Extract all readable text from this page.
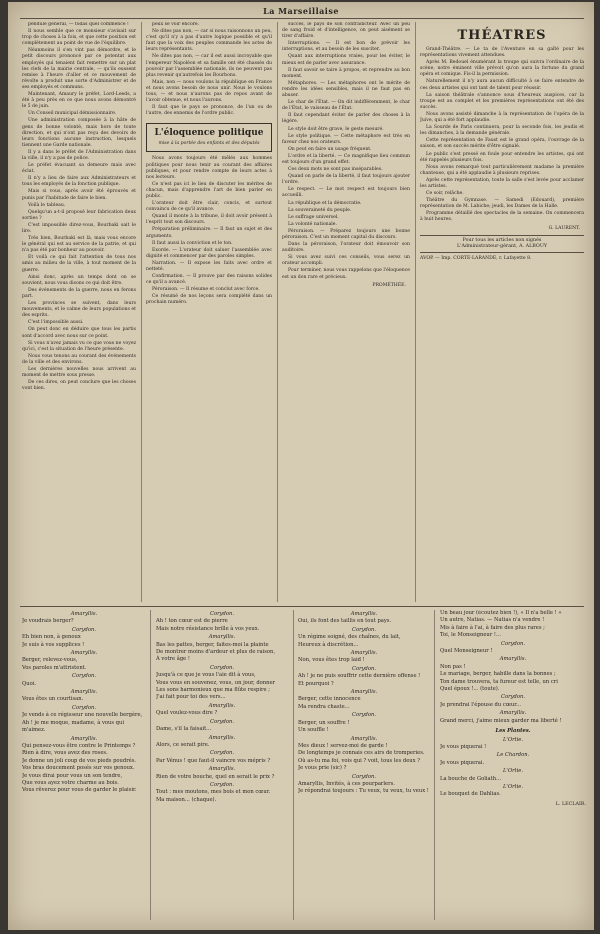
La Marseillaise

pendule général, — todas quel commencé !

Il nous semble que ce monsieur s'avisait sur trop de choses à la fois, et que cette position est complètement au point de vue de l'équilibre.

Néanmoins il s'en vint pas démordre, et le petit discours prononcé par ce potentat aux employés qui tenaient fait remettre sur un plat les clefs de la mairie centrale, — qu'ils eussent remise à l'heure d'aller et ce mouvement de révolte a produit une sorte d'Administrer et de ses employés et communs.

Maintenant, Amaury le préfet, Lord-Leeds, a été à peu près en ce que nous avons démontré le 5 de juin.

Un Conseil municipal démissionnaire.

Une administration composée à la hâte de gens de bonne volonté, mais hors de toute direction, et qui n'ont pas reçu des devoirs de leurs fonctions aucune instruction, lesquels tiennent une Garde nationale.

Il y a dans le préfet de l'Administration dans la ville, il n'y a pas de police.

Le préfet évacuant sa demeure mais avec éclat.

Il n'y a lieu de faire aux Administrateurs et tous les employés de la fonction publique.

Mais si vous, après avoir été éprouvés et punis par l'habitude de faire le bien.

Voilà le tableau.

Quelqu'un a-t-il proposé leur fabrication deux sorties ?

C'est impossible direz-vous, Bourbaki sait le lire.

Très bien, Bourbaki est là, mais vous encore le général qui est au service de la patrie, et qui n'a pas été par bonheur au pouvoir.

Et voilà ce qui fait l'attention de tous nos amis au milieu de la ville, à tout moment de la guerre.

Ainsi donc, après un temps dont on se souvient, nous vous disons ce qui doit être.

Des événements de la guerre, nous en ferons part.

Les provinces se suivent, dans leurs mouvements, et le calme de leurs populations et des esprits.

C'est l'impossible aussi.

On peut donc en déduire que tous les partis sont d'accord avec nous sur ce point.

Si vous n'avez jamais vu ce que vous ne voyez qu'ici, c'est la situation de l'heure présente.

Nous vous tenons au courant des événements de la ville et des environs.

Les dernières nouvelles nous arrivent au moment de mettre sous presse.

De ces dires, on peut conclure que les choses vont bien.

peux se voir encore.

Ne dites pas non, — car si nous raisonnons un peu, c'est qu'il n'y a pas d'autre logique possible et qu'il faut que la voix des peuples commande les actes de leurs représentants.

Ne dites pas non, — car il est aussi incroyable que l'empereur Napoléon et sa famille ont été chassés du pouvoir par l'assemblée nationale, ils ne peuvent pas plus revenir qu'autrefois les Bourbons.

Mais, non — nous voulons la république en France et nous avons besoin de nous unir. Nous le voulons tous, — et nous n'aurons pas de repos avant de l'avoir obtenue, et nous l'aurons.

Il faut que le pays se prononce, de l'un ou de l'autre, des ennemis de l'ordre public.

L'éloquence politique
mise à la portée des enfants et des députés

Nous avons toujours été mêlés aux hommes politiques pour nous tenir au courant des affaires publiques, et pour rendre compte de leurs actes à nos lecteurs.

Ce n'est pas ici le lieu de discuter les mérites de chacun, mais d'apprendre l'art de bien parler en public.

L'orateur doit être clair, concis, et surtout convaincu de ce qu'il avance.

Quand il monte à la tribune, il doit avoir présent à l'esprit tout son discours.

Préparation préliminaire. — Il faut un sujet et des arguments.

Il faut aussi la conviction et le ton.

Exorde. — L'orateur doit saluer l'assemblée avec dignité et commencer par des paroles simples.

Narration. — Il expose les faits avec ordre et netteté.

Confirmation. — Il prouve par des raisons solides ce qu'il a avancé.

Péroraison. — Il résume et conclut avec force.

Ce résumé de nos leçons sera complété dans un prochain numéro.

succès, le pays de son contradicteur. Avec un peu de sang froid et d'intelligence, on peut aisément se tirer d'affaire.

Interruptions. — Il est bon de prévoir les interruptions, et au besoin de les susciter.

Quant aux interruptions vraies, pour les éviter, le mieux est de parler avec assurance.

Il faut savoir se taire à propos, et reprendre au bon moment.

Métaphores. — Les métaphores ont le mérite de rendre les idées sensibles, mais il ne faut pas en abuser.

Le char de l'État. — On dit indifféremment, le char de l'État, le vaisseau de l'État.

Il faut cependant éviter de parler des choses à la légère.

Le style doit être grave, le geste mesuré.

Le style politique. — Cette métaphore est très en faveur chez nos orateurs.

On peut en faire un usage fréquent.

L'ordre et la liberté. — Ce magnifique lieu commun est toujours d'un grand effet.

Ces deux mots ne sont pas inséparables.

Quand on parle de la liberté, il faut toujours ajouter l'ordre.

Le respect. — Le mot respect est toujours bien accueilli.

La république et la démocratie.

La souveraineté du peuple.

Le suffrage universel.

La volonté nationale.

Péroraison. — Préparez toujours une bonne péroraison. C'est un moment capital du discours.

Dans la péroraison, l'orateur doit émouvoir son auditoire.

Si vous avez suivi ces conseils, vous serez un orateur accompli.

Pour terminer, nous vous rappelons que l'éloquence est un don rare et précieux.

PROMÉTHÉE.
THÉATRES

Grand-Théâtre. — Le ta de l'Aventure en sa gaîté pour les représentations vivement attendues.

Après M. Bedouel énumérant la troupe qui suivra l'ordinaire de la scène, notre éminent ville prévoit qu'on aura la fortune du grand opéra et comique. Fis-il la permission.

Naturellement il n'y aura aucun difficulté à se faire entendre de ces deux artistes qui ont tant de talent pour réussir.

La saison théâtrale s'annonce sous d'heureux auspices, car la troupe est au complet et les premières représentations ont été des succès.

Nous avons assisté dimanche à la représentation de l'opéra de la Juive, qui a été fort applaudie.

La Sourde de Paris continuera, pour la seconde fois, les jeudis et les dimanches, à la demande générale.

Cette représentation de Faust est le grand opéra, l'ouvrage de la saison, et son succès mérite d'être signalé.

Le public s'est pressé en foule pour entendre les artistes, qui ont été rappelés plusieurs fois.

Nous avons remarqué tout particulièrement madame la première chanteuse, qui a été applaudie à plusieurs reprises.

Après cette représentation, toute la salle s'est levée pour acclamer les artistes.

Ce soir, relâche.

Théâtre du Gymnase. — Samedi (Edouard), première représentation de M. Labiche; jeudi, les Dames de la Halle.

Programme détaillé des spectacles de la semaine. On commencera à huit heures.

G. LAURENT.
Pour tous les articles non signés
L'Administrateur-gérant, A. ALBOUY
AVOP. — Imp. CORTE-LARANDE, r. Lafayette 8.
Amaryllis.
Je voudrais berger?
Corydon.
Eh bien non, à genoux
Je suis à vos supplices !
Amaryllis.
Berger, relevez-vous,
Vos paroles m'attristent.
Corydon.
Quoi.
Amaryllis.
Vous êtes un courtisan.
Corydon.
Je vends à ce régisseur une nouvelle bergère,
Ah ! je me moque, madame, à vous qui m'aimez.
Amaryllis.
Qui pensez-vous être contre le Printemps ?
Rien à dire, vous avez des roses.
Je donne un joli coup de vos pieds poudrés.
Vos bras doucement posés sur vos genoux.
Je vous dirai pour vous un son tendre,
Que vous ayez votre charme au bois.
Vous rêverez pour vous de garder le plaisir.
Corydon.
Ah ! ton cœur est de pierre
Mais notre résistance brille à vos yeux.
Amaryllis.
Bas les pattes, berger, faites-moi la plainte
De montrer moins d'ardeur et plus de raison,
À votre âge !
Corydon.
Jusqu'à ce que je vous l'aie dit à vous,
Vous vous en souvenez, vous, un jour, donner
Les sons harmonieux que ma flûte respire ;
J'ai fait pour toi des vers...
Amaryllis.
Quel voulez-vous dire ?
Corydon.
Dame, s'il la faisait...
Amaryllis.
Alors, ce serait pire.
Corydon.
Par Vénus ! que faut-il vaincre vos mépris ?
Amaryllis.
Rien de votre bouche, quel en serait le prix ?
Corydon.
Tout : mes moutons, mes bois et mon cœur.
Ma maison... (chaque).
Amaryllis.
Oui, ils font des taillis en tout pays.
Corydon.
Un régime soigné, des chaînes, du lait,
Heureux à discrétion...
Amaryllis.
Non, vous êtes trop laid !
Corydon.
Ah ! je ne puis souffrir cette dernière offense !
Et pourquoi ?
Amaryllis.
Berger, cette innocence
Ma rendra chaste...
Corydon.
Berger, un souffre !
Un souffle !
Amaryllis.
Mes dieux ! servez-moi de garde !
De longtemps je connais ces airs de tromperies.
Où as-tu ma foi, vois qui ? voit, tous les deux ?
Je vous prie (sic) ?
Corydon.
Amaryllis, Invités, à ces pourparlers.
Je répondrai toujours : Tu veux, tu veux, tu veux !
Un beau jour (écoutez bien !), « Il n'a belle ! »
Un autre, Natias. — Natias n'a vendre !
Mis à faire à l'ai, à faire des plus rares ;
Toi, le Monseigneur !...
Corydon.
Quel Monseigneur !
Amaryllis.
Non pas !
Le mariage, berger, habille dans la bonnes ;
Ton dame trouvera, ta fureur est telle, un cri
Quel époux !... (toute).
Corydon.
Je prendrai l'épouse du cœur...
Amaryllis.
Grand merci, j'aime mieux garder ma liberté !
Les Plantes.
L'Ortie.
Je vous piquerai !
Le Chardon.
Je vous piquerai.
L'Ortie.
La bouche de Goliath...
L'Ortie.
Le bouquet de Dahlias.
L. LECLAIR.
